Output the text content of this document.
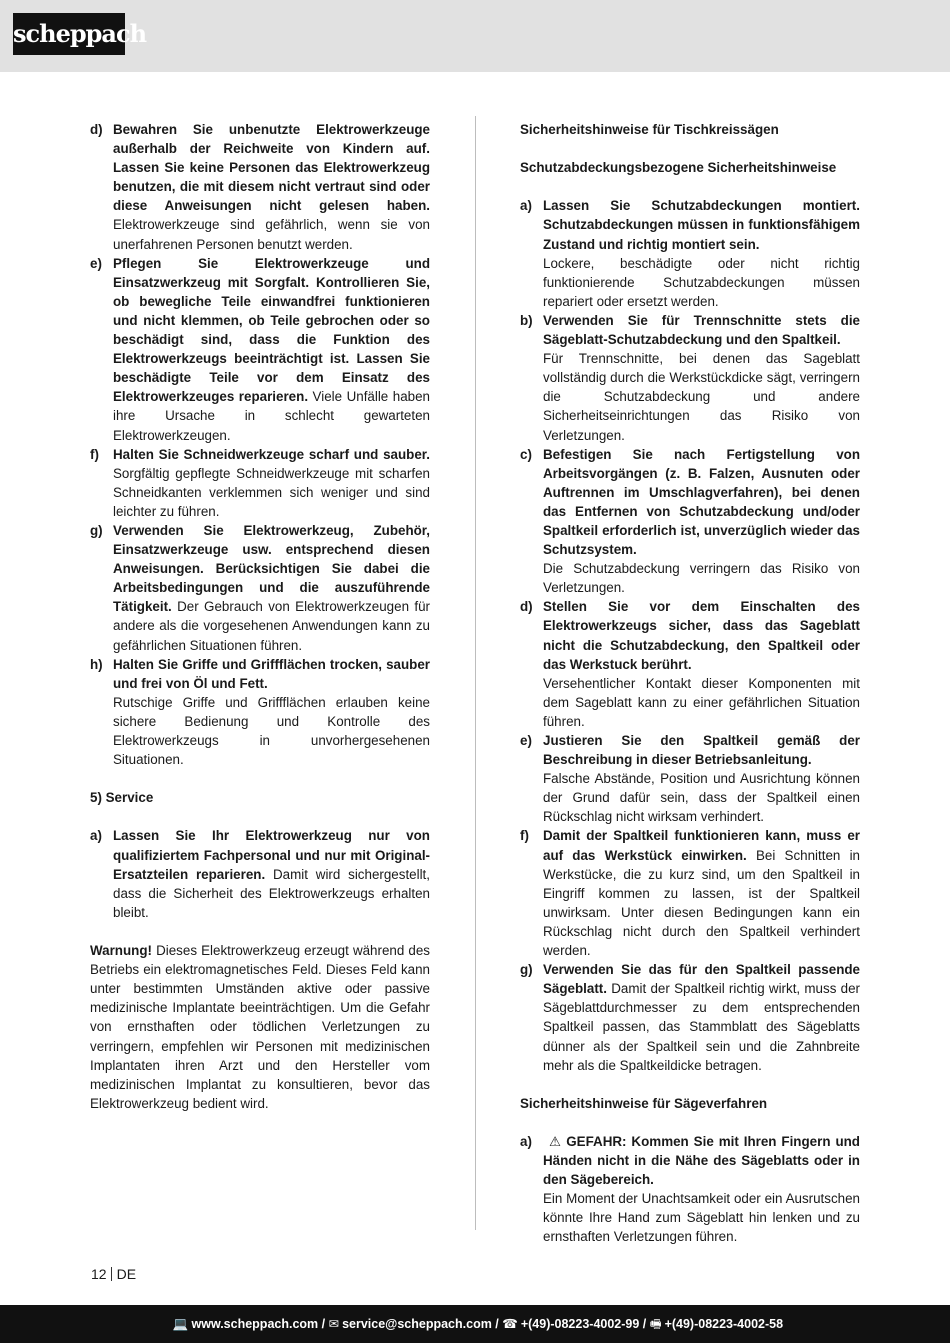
scheppach
d) Bewahren Sie unbenutzte Elektrowerkzeuge außerhalb der Reichweite von Kindern auf. Lassen Sie keine Personen das Elektrowerkzeug benutzen, die mit diesem nicht vertraut sind oder diese Anweisungen nicht gelesen haben. Elektrowerkzeuge sind gefährlich, wenn sie von unerfahrenen Personen benutzt werden.
e) Pflegen Sie Elektrowerkzeuge und Einsatzwerkzeug mit Sorgfalt. Kontrollieren Sie, ob bewegliche Teile einwandfrei funktionieren und nicht klemmen, ob Teile gebrochen oder so beschädigt sind, dass die Funktion des Elektrowerkzeugs beeinträchtigt ist. Lassen Sie beschädigte Teile vor dem Einsatz des Elektrowerkzeuges reparieren. Viele Unfälle haben ihre Ursache in schlecht gewarteten Elektrowerkzeugen.
f)	Halten Sie Schneidwerkzeuge scharf und sauber. Sorgfältig gepflegte Schneidwerkzeuge mit scharfen Schneidkanten verklemmen sich weniger und sind leichter zu führen.
g) Verwenden Sie Elektrowerkzeug, Zubehör, Einsatzwerkzeuge usw. entsprechend diesen Anweisungen. Berücksichtigen Sie dabei die Arbeitsbedingungen und die auszuführende Tätigkeit. Der Gebrauch von Elektrowerkzeugen für andere als die vorgesehenen Anwendungen kann zu gefährlichen Situationen führen.
h) Halten Sie Griffe und Griffflächen trocken, sauber und frei von Öl und Fett.
Rutschige Griffe und Griffflächen erlauben keine sichere Bedienung und Kontrolle des Elektrowerkzeugs in unvorhergesehenen Situationen.
5) Service
a) Lassen Sie Ihr Elektrowerkzeug nur von qualifiziertem Fachpersonal und nur mit Original-Ersatzteilen reparieren. Damit wird sichergestellt, dass die Sicherheit des Elektrowerkzeugs erhalten bleibt.
Warnung! Dieses Elektrowerkzeug erzeugt während des Betriebs ein elektromagnetisches Feld. Dieses Feld kann unter bestimmten Umständen aktive oder passive medizinische Implantate beeinträchtigen. Um die Gefahr von ernsthaften oder tödlichen Verletzungen zu verringern, empfehlen wir Personen mit medizinischen Implantaten ihren Arzt und den Hersteller vom medizinischen Implantat zu konsultieren, bevor das Elektrowerkzeug bedient wird.
Sicherheitshinweise für Tischkreissägen
Schutzabdeckungsbezogene Sicherheitshinweise
a) Lassen Sie Schutzabdeckungen montiert. Schutzabdeckungen müssen in funktionsfähigem Zustand und richtig montiert sein.
Lockere, beschädigte oder nicht richtig funktionierende Schutzabdeckungen müssen repariert oder ersetzt werden.
b) Verwenden Sie für Trennschnitte stets die Sägeblatt-Schutzabdeckung und den Spaltkeil.
Für Trennschnitte, bei denen das Sageblatt vollständig durch die Werkstückdicke sägt, verringern die Schutzabdeckung und andere Sicherheitseinrichtungen das Risiko von Verletzungen.
c) Befestigen Sie nach Fertigstellung von Arbeitsvorgängen (z. B. Falzen, Ausnuten oder Auftrennen im Umschlagverfahren), bei denen das Entfernen von Schutzabdeckung und/oder Spaltkeil erforderlich ist, unverzüglich wieder das Schutzsystem.
Die Schutzabdeckung verringern das Risiko von Verletzungen.
d) Stellen Sie vor dem Einschalten des Elektrowerkzeugs sicher, dass das Sageblatt nicht die Schutzabdeckung, den Spaltkeil oder das Werkstuck berührt.
Versehentlicher Kontakt dieser Komponenten mit dem Sageblatt kann zu einer gefährlichen Situation führen.
e) Justieren Sie den Spaltkeil gemäß der Beschreibung in dieser Betriebsanleitung.
Falsche Abstände, Position und Ausrichtung können der Grund dafür sein, dass der Spaltkeil einen Rückschlag nicht wirksam verhindert.
f)	Damit der Spaltkeil funktionieren kann, muss er auf das Werkstück einwirken. Bei Schnitten in Werkstücke, die zu kurz sind, um den Spaltkeil in Eingriff kommen zu lassen, ist der Spaltkeil unwirksam. Unter diesen Bedingungen kann ein Rückschlag nicht durch den Spaltkeil verhindert werden.
g) Verwenden Sie das für den Spaltkeil passende Sägeblatt. Damit der Spaltkeil richtig wirkt, muss der Sägeblattdurchmesser zu dem entsprechenden Spaltkeil passen, das Stammblatt des Sägeblatts dünner als der Spaltkeil sein und die Zahnbreite mehr als die Spaltkeildicke betragen.
Sicherheitshinweise für Sägeverfahren
a)	⚠ GEFAHR: Kommen Sie mit Ihren Fingern und Händen nicht in die Nähe des Sägeblatts oder in den Sägebereich.
Ein Moment der Unachtsamkeit oder ein Ausrutschen könnte Ihre Hand zum Sägeblatt hin lenken und zu ernsthaften Verletzungen führen.
12 DE
💻 www.scheppach.com / ✉ service@scheppach.com / ☎ +(49)-08223-4002-99 / 🖷 +(49)-08223-4002-58
